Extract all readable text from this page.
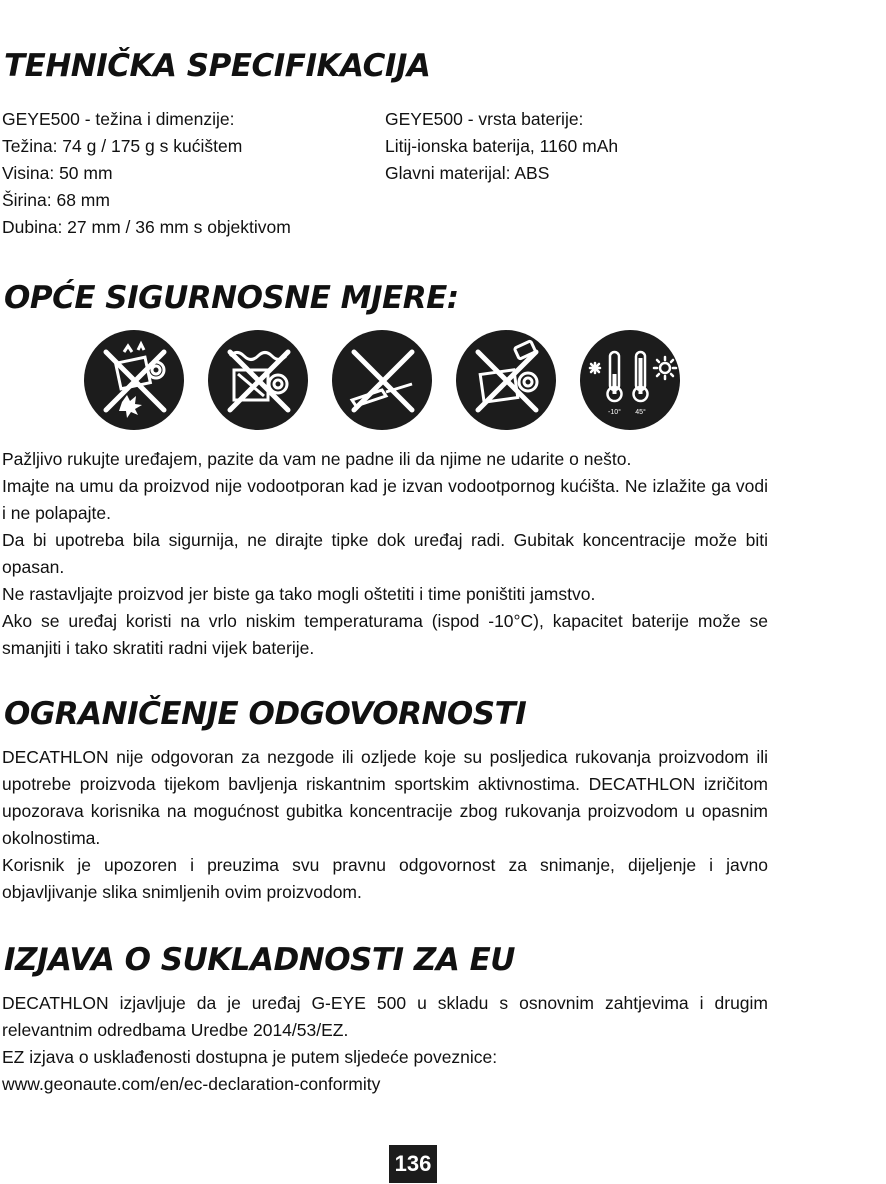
TEHNIČKA SPECIFIKACIJA
GEYE500 - težina i dimenzije:
Težina: 74 g / 175 g s kućištem
Visina: 50 mm
Širina: 68 mm
Dubina: 27 mm / 36 mm s objektivom
GEYE500 - vrsta baterije:
Litij-ionska baterija, 1160 mAh
Glavni materijal: ABS
OPĆE SIGURNOSNE MJERE:
-10° 45°

Pažljivo rukujte uređajem, pazite da vam ne padne ili da njime ne udarite o nešto.

Imajte na umu da proizvod nije vodootporan kad je izvan vodootpornog kućišta. Ne izlažite ga vodi i ne polapajte.

Da bi upotreba bila sigurnija, ne dirajte tipke dok uređaj radi. Gubitak koncentracije može biti opasan.

Ne rastavljajte proizvod jer biste ga tako mogli oštetiti i time poništiti jamstvo.

Ako se uređaj koristi na vrlo niskim temperaturama (ispod -10°C), kapacitet baterije može se smanjiti i tako skratiti radni vijek baterije.

OGRANIČENJE ODGOVORNOSTI

DECATHLON nije odgovoran za nezgode ili ozljede koje su posljedica rukovanja proizvodom ili upotrebe proizvoda tijekom bavljenja riskantnim sportskim aktivnostima. DECATHLON izričitom upozorava korisnika na mogućnost gubitka koncentracije zbog rukovanja proizvodom u opasnim okolnostima.

Korisnik je upozoren i preuzima svu pravnu odgovornost za snimanje, dijeljenje i javno objavljivanje slika snimljenih ovim proizvodom.

IZJAVA O SUKLADNOSTI ZA EU

DECATHLON izjavljuje da je uređaj G-EYE 500 u skladu s osnovnim zahtjevima i drugim relevantnim odredbama Uredbe 2014/53/EZ.

EZ izjava o usklađenosti dostupna je putem sljedeće poveznice:

www.geonaute.com/en/ec-declaration-conformity

136
